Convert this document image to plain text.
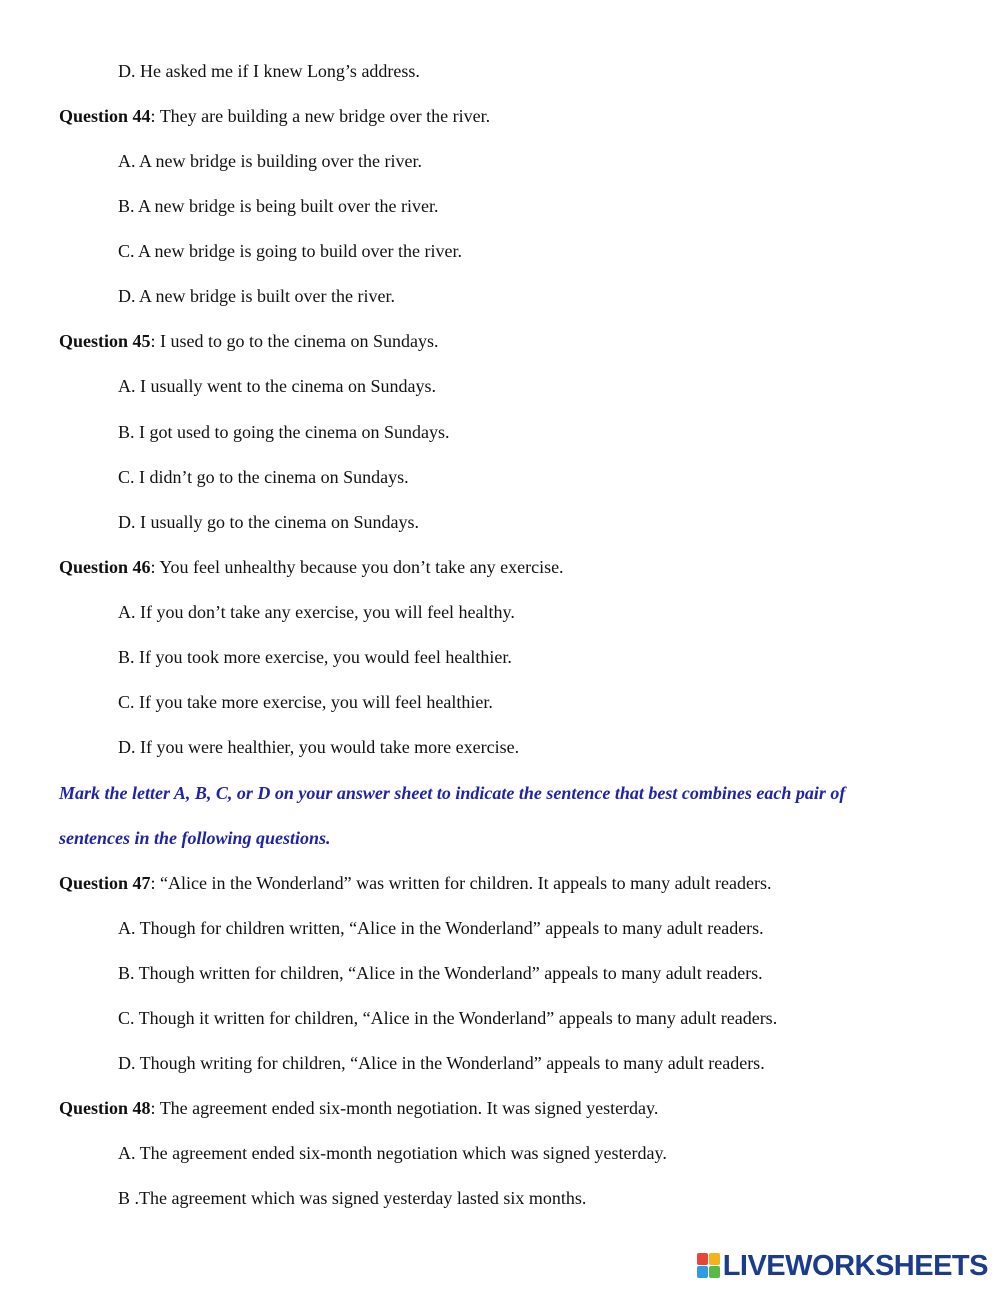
D. He asked me if I knew Long’s address.
Question 44: They are building a new bridge over the river.
A. A new bridge is building over the river.
B. A new bridge is being built over the river.
C. A new bridge is going to build over the river.
D. A new bridge is built over the river.
Question 45: I used to go to the cinema on Sundays.
A. I usually went to the cinema on Sundays.
B. I got used to going the cinema on Sundays.
C. I didn’t go to the cinema on Sundays.
D. I usually go to the cinema on Sundays.
Question 46: You feel unhealthy because you don’t take any exercise.
A. If you don’t take any exercise, you will feel healthy.
B. If you took more exercise, you would feel healthier.
C. If you take more exercise, you will feel healthier.
D. If you were healthier, you would take more exercise.
Mark the letter A, B, C, or D on your answer sheet to indicate the sentence that best combines each pair of
sentences in the following questions.
Question 47: “Alice in the Wonderland” was written for children. It appeals to many adult readers.
A. Though for children written, “Alice in the Wonderland” appeals to many adult readers.
B. Though written for children, “Alice in the Wonderland” appeals to many adult readers.
C. Though it written for children, “Alice in the Wonderland” appeals to many adult readers.
D. Though writing for children, “Alice in the Wonderland” appeals to many adult readers.
Question 48: The agreement ended six-month negotiation. It was signed yesterday.
A. The agreement ended six-month negotiation which was signed yesterday.
B .The agreement which was signed yesterday lasted six months.
LIVEWORKSHEETS
